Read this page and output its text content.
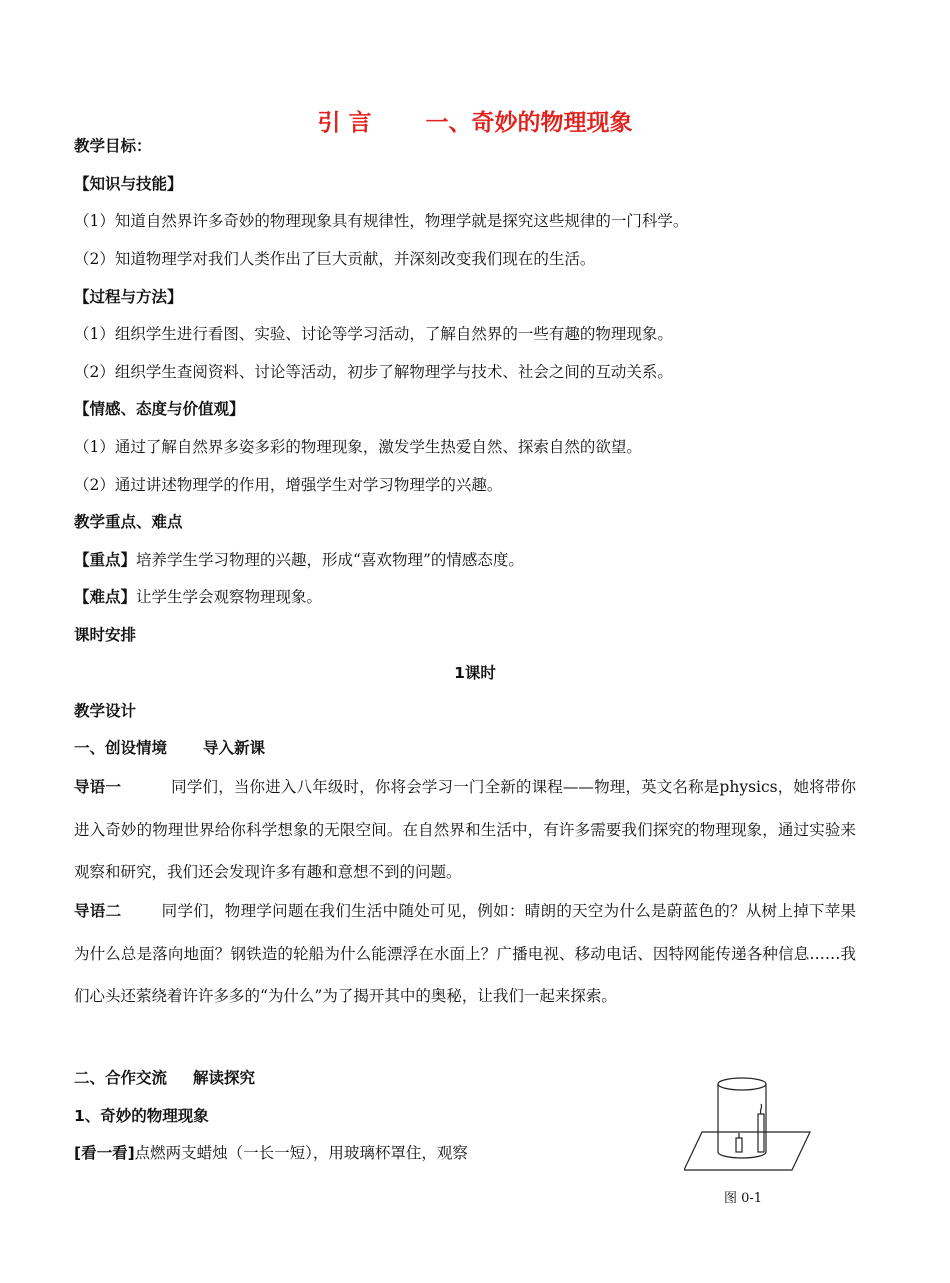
引 言　　 一、奇妙的物理现象
教学目标：
【知识与技能】
（1）知道自然界许多奇妙的物理现象具有规律性，物理学就是探究这些规律的一门科学。
（2）知道物理学对我们人类作出了巨大贡献，并深刻改变我们现在的生活。
【过程与方法】
（1）组织学生进行看图、实验、讨论等学习活动，了解自然界的一些有趣的物理现象。
（2）组织学生查阅资料、讨论等活动，初步了解物理学与技术、社会之间的互动关系。
【情感、态度与价值观】
（1）通过了解自然界多姿多彩的物理现象，激发学生热爱自然、探索自然的欲望。
（2）通过讲述物理学的作用，增强学生对学习物理学的兴趣。
教学重点、难点
【重点】培养学生学习物理的兴趣，形成“喜欢物理”的情感态度。
【难点】让学生学会观察物理现象。
课时安排
1课时
教学设计
一、创设情境 导入新课
导语一	同学们，当你进入八年级时，你将会学习一门全新的课程——物理，英文名称是physics，她将带你进入奇妙的物理世界给你科学想象的无限空间。在自然界和生活中，有许多需要我们探究的物理现象，通过实验来观察和研究，我们还会发现许多有趣和意想不到的问题。
导语二	同学们，物理学问题在我们生活中随处可见，例如：晴朗的天空为什么是蔚蓝色的？从树上掉下苹果为什么总是落向地面？钢铁造的轮船为什么能漂浮在水面上？广播电视、移动电话、因特网能传递各种信息……我们心头还萦绕着许许多多的“为什么”为了揭开其中的奥秘，让我们一起来探索。
二、合作交流 解读探究
1、奇妙的物理现象
[看一看]点燃两支蜡烛（一长一短），用玻璃杯罩住，观察
图 0-1
